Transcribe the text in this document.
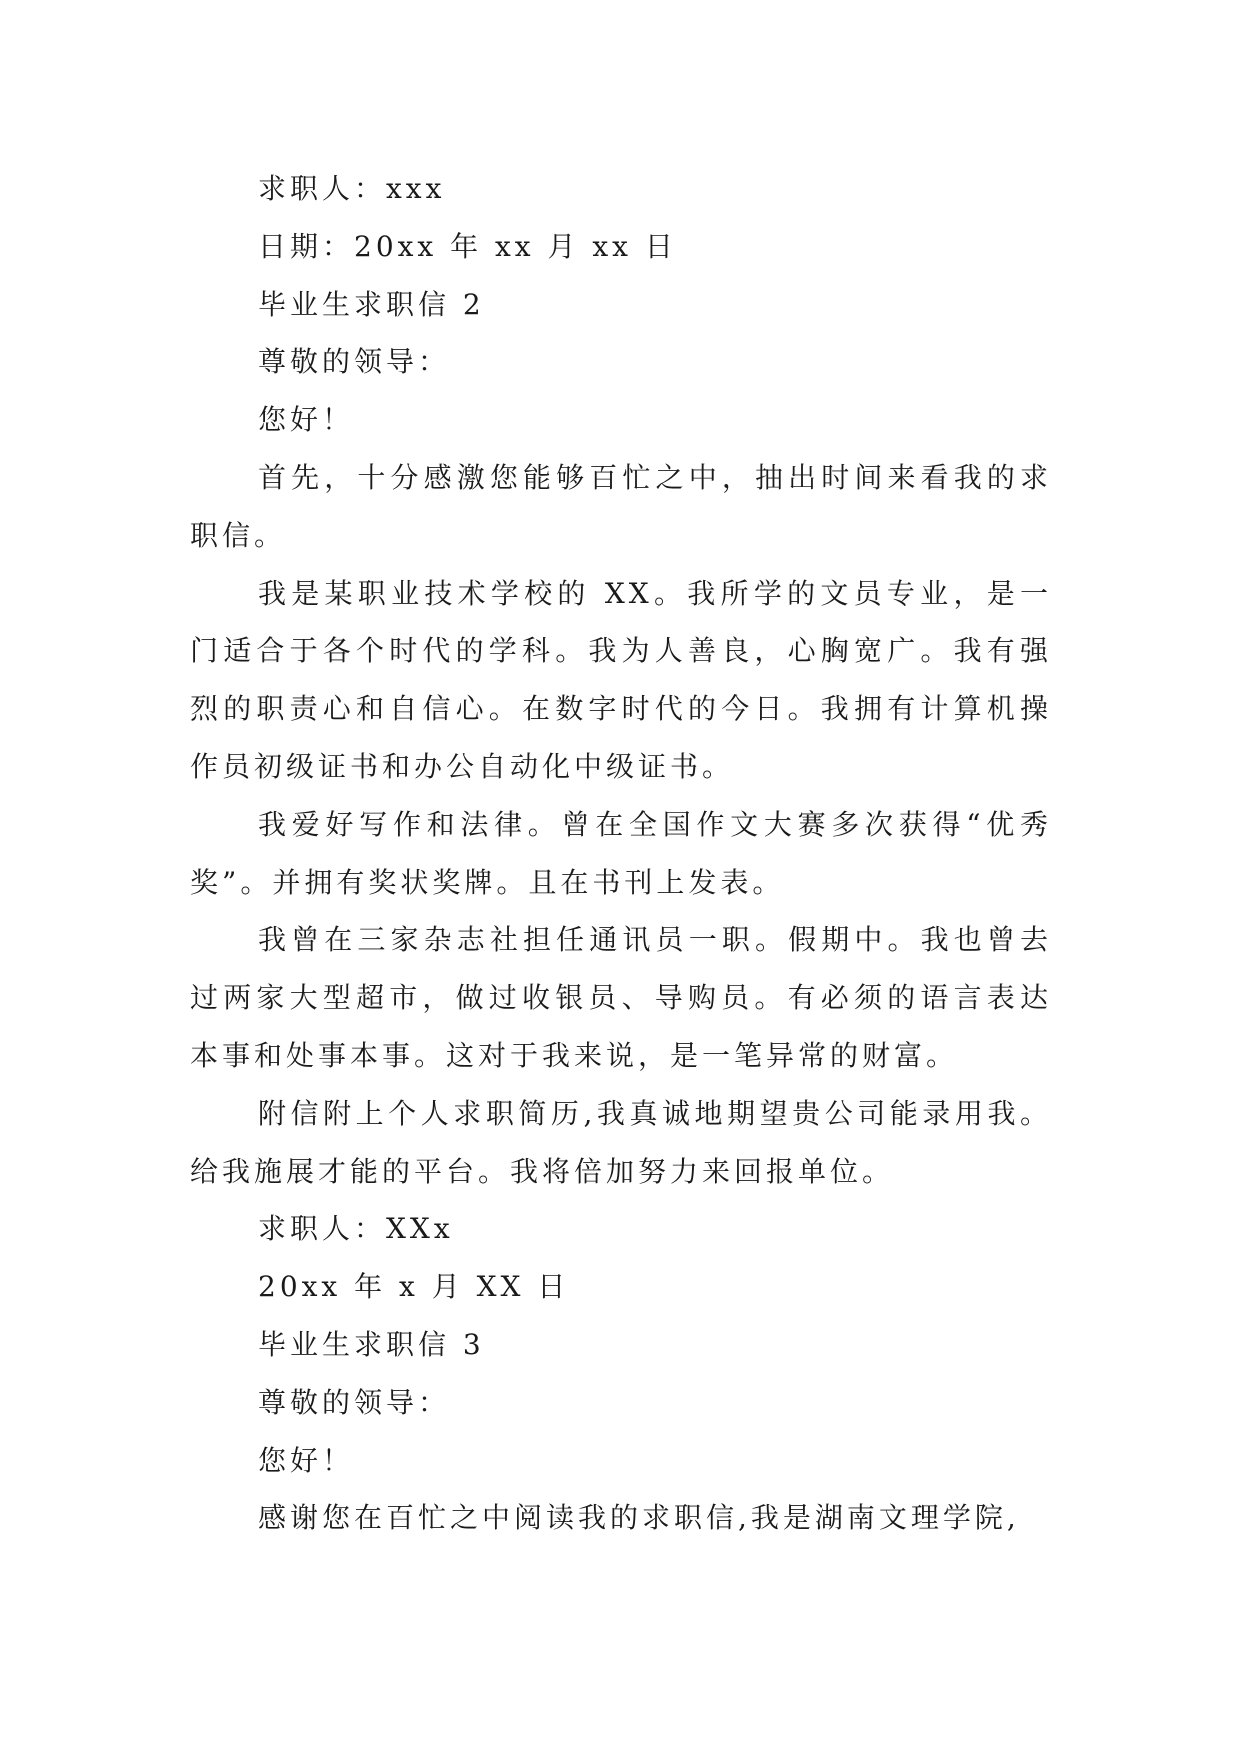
求职人：xxx
日期：20xx 年 xx 月 xx 日
毕业生求职信 2
尊敬的领导：
您好！
首先，十分感激您能够百忙之中，抽出时间来看我的求职信。
我是某职业技术学校的 XX。我所学的文员专业，是一门适合于各个时代的学科。我为人善良，心胸宽广。我有强烈的职责心和自信心。在数字时代的今日。我拥有计算机操作员初级证书和办公自动化中级证书。
我爱好写作和法律。曾在全国作文大赛多次获得“优秀奖”。并拥有奖状奖牌。且在书刊上发表。
我曾在三家杂志社担任通讯员一职。假期中。我也曾去过两家大型超市，做过收银员、导购员。有必须的语言表达本事和处事本事。这对于我来说，是一笔异常的财富。
附信附上个人求职简历,我真诚地期望贵公司能录用我。给我施展才能的平台。我将倍加努力来回报单位。
求职人：XXx
20xx 年 x 月 XX 日
毕业生求职信 3
尊敬的领导：
您好！
感谢您在百忙之中阅读我的求职信,我是湖南文理学院,
